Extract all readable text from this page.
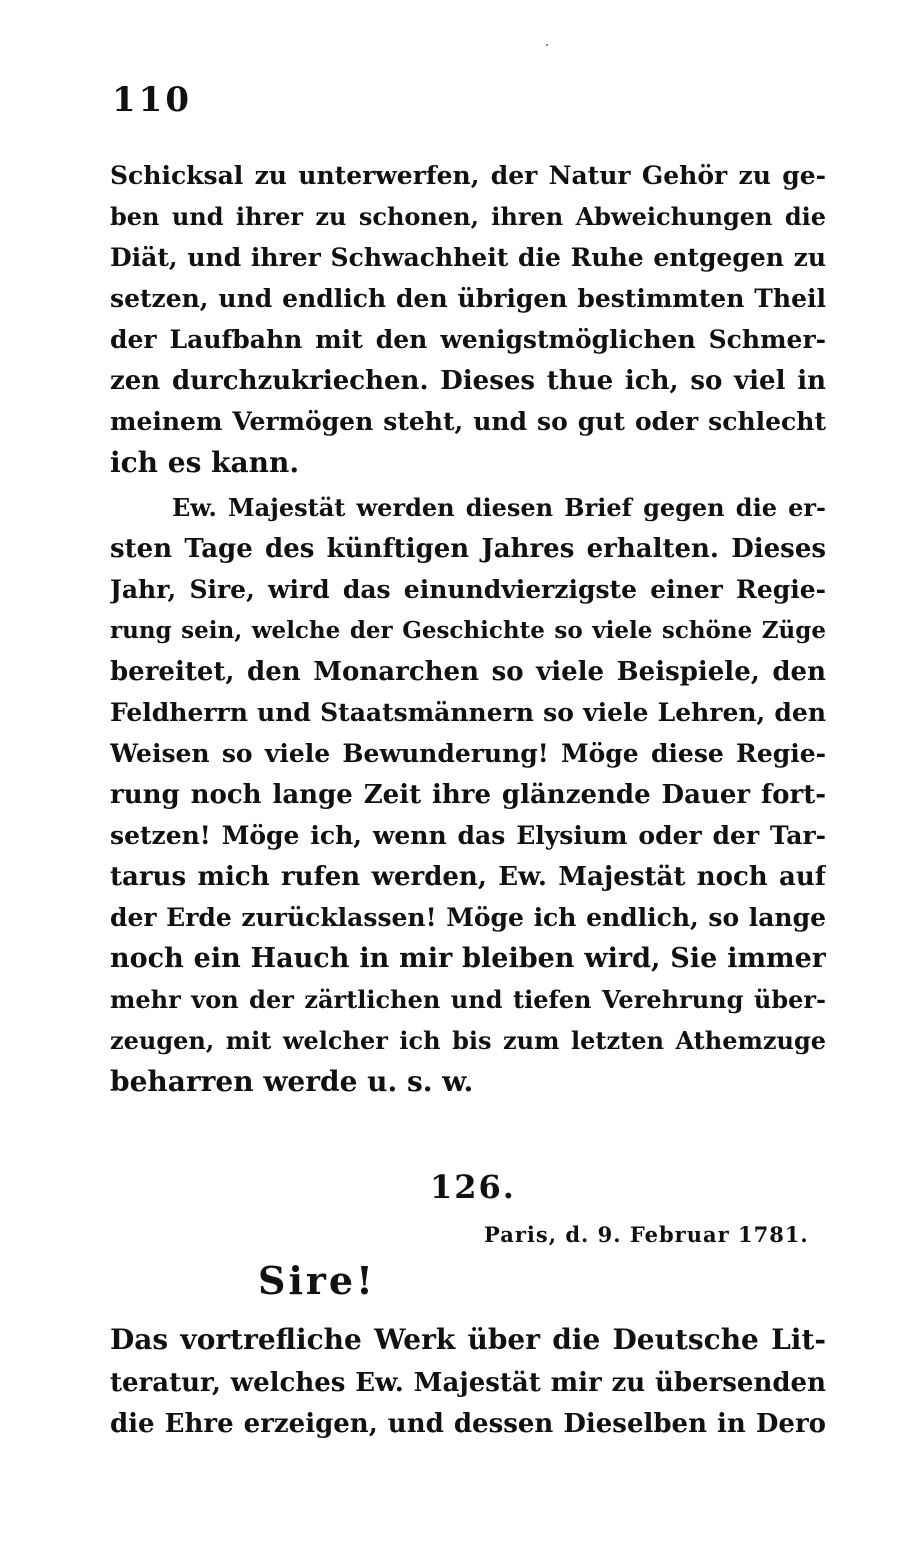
110
Schicksal zu unterwerfen, der Natur Gehör zu ge-
ben und ihrer zu schonen, ihren Abweichungen die
Diät, und ihrer Schwachheit die Ruhe entgegen zu
setzen, und endlich den übrigen bestimmten Theil
der Laufbahn mit den wenigstmöglichen Schmer-
zen durchzukriechen. Dieses thue ich, so viel in
meinem Vermögen steht, und so gut oder schlecht
ich es kann.
Ew. Majestät werden diesen Brief gegen die er-
sten Tage des künftigen Jahres erhalten. Dieses
Jahr, Sire, wird das einundvierzigste einer Regie-
rung sein, welche der Geschichte so viele schöne Züge
bereitet, den Monarchen so viele Beispiele, den
Feldherrn und Staatsmännern so viele Lehren, den
Weisen so viele Bewunderung! Möge diese Regie-
rung noch lange Zeit ihre glänzende Dauer fort-
setzen! Möge ich, wenn das Elysium oder der Tar-
tarus mich rufen werden, Ew. Majestät noch auf
der Erde zurücklassen! Möge ich endlich, so lange
noch ein Hauch in mir bleiben wird, Sie immer
mehr von der zärtlichen und tiefen Verehrung über-
zeugen, mit welcher ich bis zum letzten Athemzuge
beharren werde u. s. w.
126.
Paris, d. 9. Februar 1781.
Sire!
Das vortrefliche Werk über die Deutsche Lit-
teratur, welches Ew. Majestät mir zu übersenden
die Ehre erzeigen, und dessen Dieselben in Dero
